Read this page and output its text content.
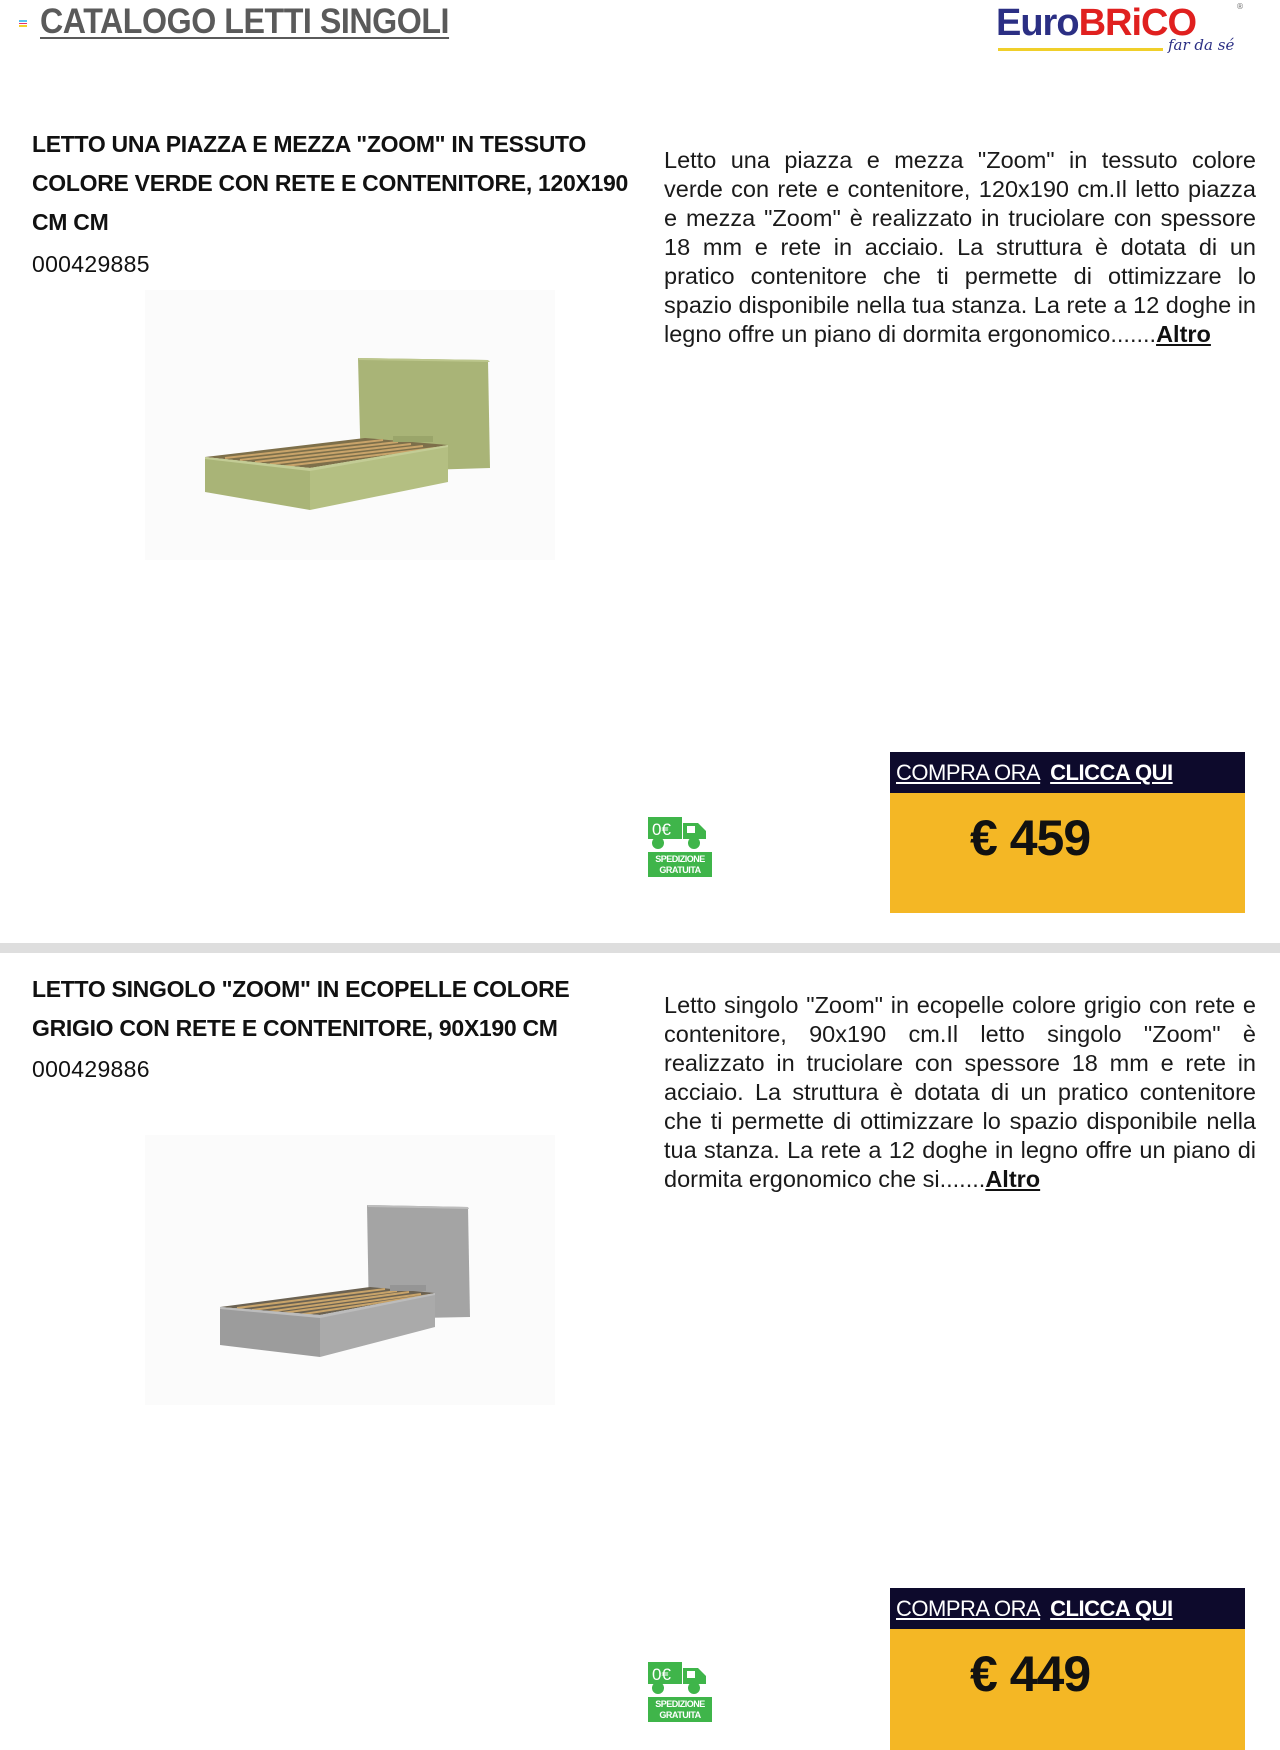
CATALOGO LETTI SINGOLI	EuroBRiCO	®
far da sé
LETTO UNA PIAZZA E MEZZA "ZOOM" IN TESSUTO COLORE VERDE CON RETE E CONTENITORE, 120X190 CM CM
000429885
Letto una piazza e mezza "Zoom" in tessuto colore verde con rete e contenitore, 120x190 cm.Il letto piazza e mezza "Zoom" è realizzato in truciolare con spessore 18 mm e rete in acciaio. La struttura è dotata di un pratico contenitore che ti permette di ottimizzare lo spazio disponibile nella tua stanza. La rete a 12 doghe in legno offre un piano di dormita ergonomico.......Altro
0€
SPEDIZIONE
GRATUITA
COMPRA ORA CLICCA QUI
€ 459
LETTO SINGOLO "ZOOM" IN ECOPELLE COLORE GRIGIO CON RETE E CONTENITORE, 90X190 CM
000429886
Letto singolo "Zoom" in ecopelle colore grigio con rete e contenitore, 90x190 cm.Il letto singolo "Zoom" è realizzato in truciolare con spessore 18 mm e rete in acciaio. La struttura è dotata di un pratico contenitore che ti permette di ottimizzare lo spazio disponibile nella tua stanza. La rete a 12 doghe in legno offre un piano di dormita ergonomico che si.......Altro
0€
SPEDIZIONE
GRATUITA
COMPRA ORA CLICCA QUI
€ 449
